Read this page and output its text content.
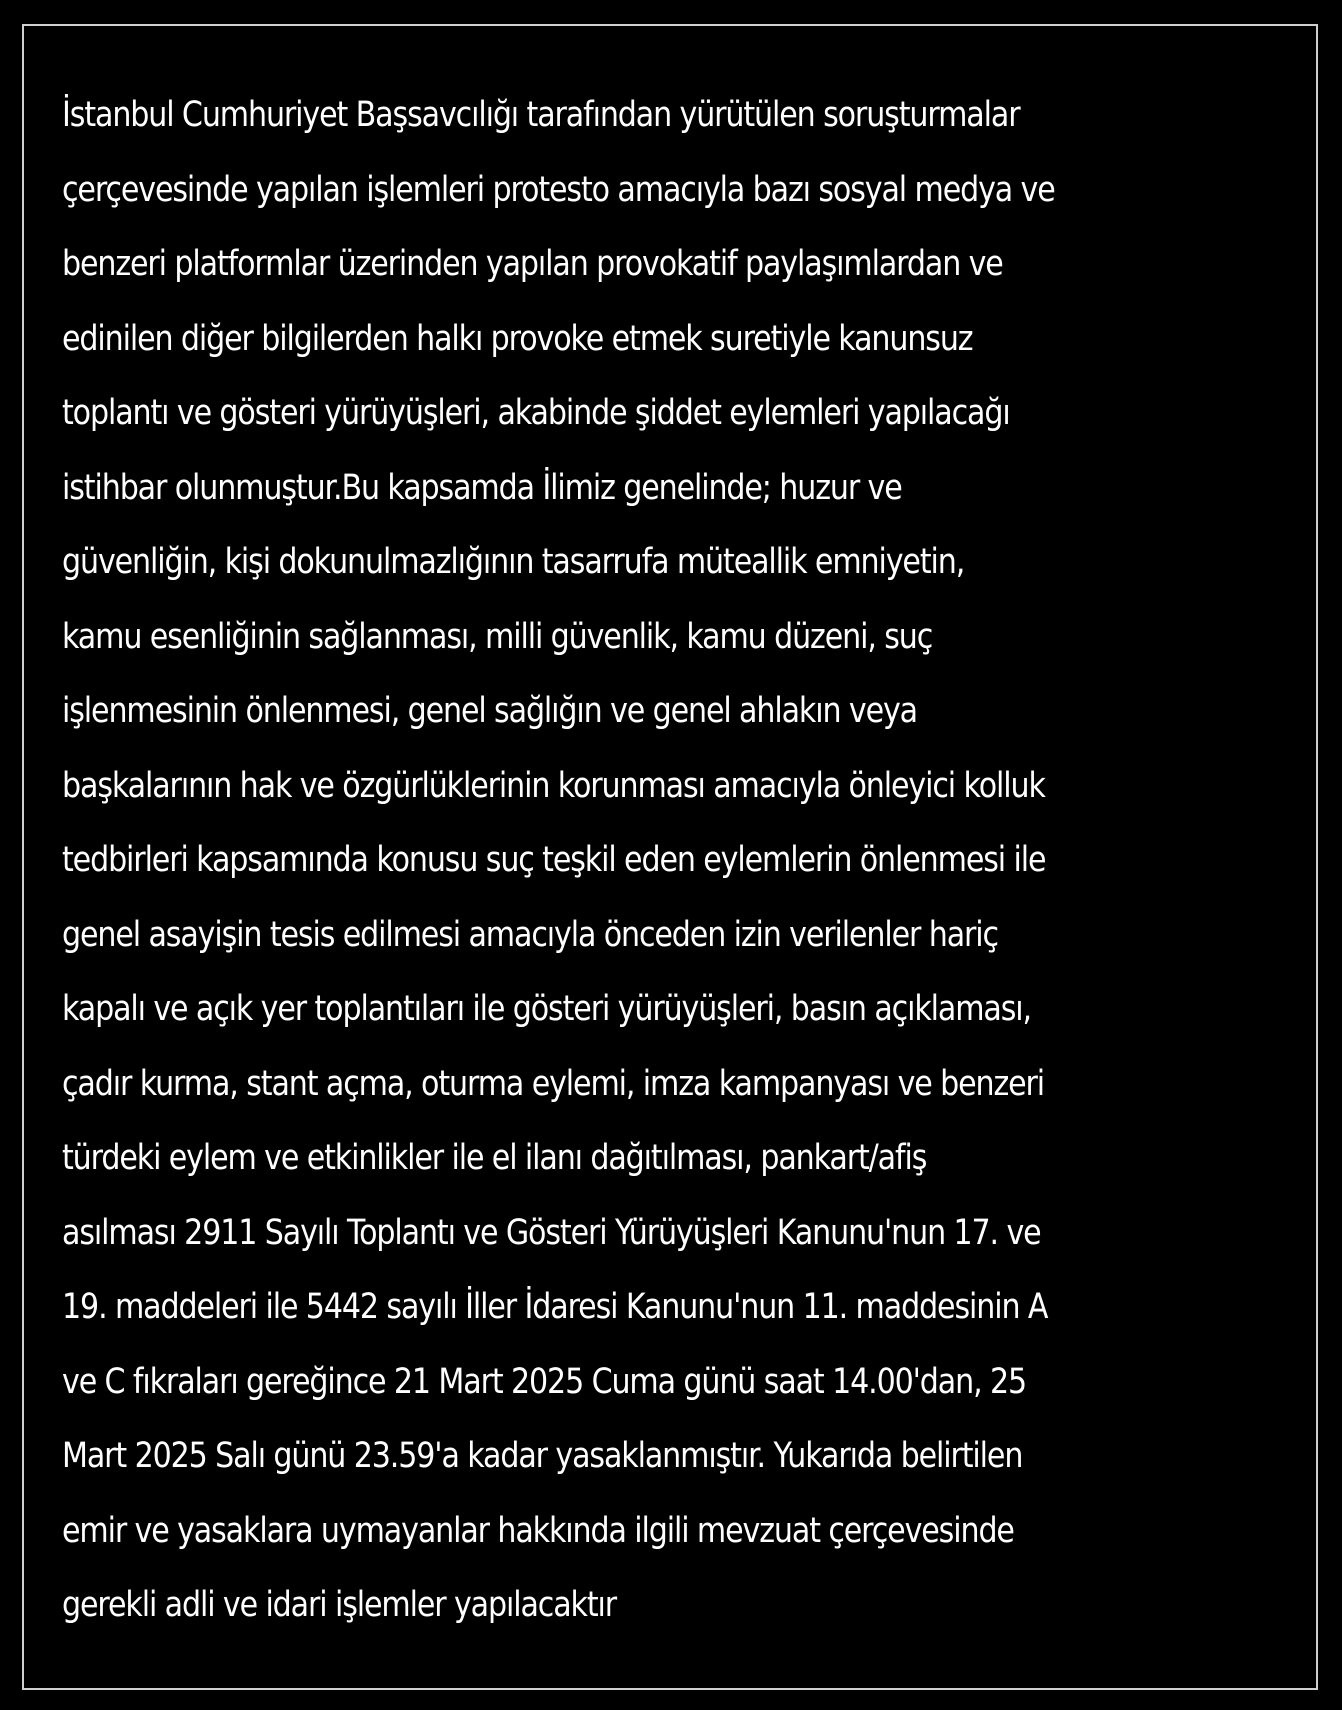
İstanbul Cumhuriyet Başsavcılığı tarafından yürütülen soruşturmalar
çerçevesinde yapılan işlemleri protesto amacıyla bazı sosyal medya ve
benzeri platformlar üzerinden yapılan provokatif paylaşımlardan ve
edinilen diğer bilgilerden halkı provoke etmek suretiyle kanunsuz
toplantı ve gösteri yürüyüşleri, akabinde şiddet eylemleri yapılacağı
istihbar olunmuştur.Bu kapsamda İlimiz genelinde; huzur ve
güvenliğin, kişi dokunulmazlığının tasarrufa müteallik emniyetin,
kamu esenliğinin sağlanması, milli güvenlik, kamu düzeni, suç
işlenmesinin önlenmesi, genel sağlığın ve genel ahlakın veya
başkalarının hak ve özgürlüklerinin korunması amacıyla önleyici kolluk
tedbirleri kapsamında konusu suç teşkil eden eylemlerin önlenmesi ile
genel asayişin tesis edilmesi amacıyla önceden izin verilenler hariç
kapalı ve açık yer toplantıları ile gösteri yürüyüşleri, basın açıklaması,
çadır kurma, stant açma, oturma eylemi, imza kampanyası ve benzeri
türdeki eylem ve etkinlikler ile el ilanı dağıtılması, pankart/afiş
asılması 2911 Sayılı Toplantı ve Gösteri Yürüyüşleri Kanunu'nun 17. ve
19. maddeleri ile 5442 sayılı İller İdaresi Kanunu'nun 11. maddesinin A
ve C fıkraları gereğince 21 Mart 2025 Cuma günü saat 14.00'dan, 25
Mart 2025 Salı günü 23.59'a kadar yasaklanmıştır. Yukarıda belirtilen
emir ve yasaklara uymayanlar hakkında ilgili mevzuat çerçevesinde
gerekli adli ve idari işlemler yapılacaktır
